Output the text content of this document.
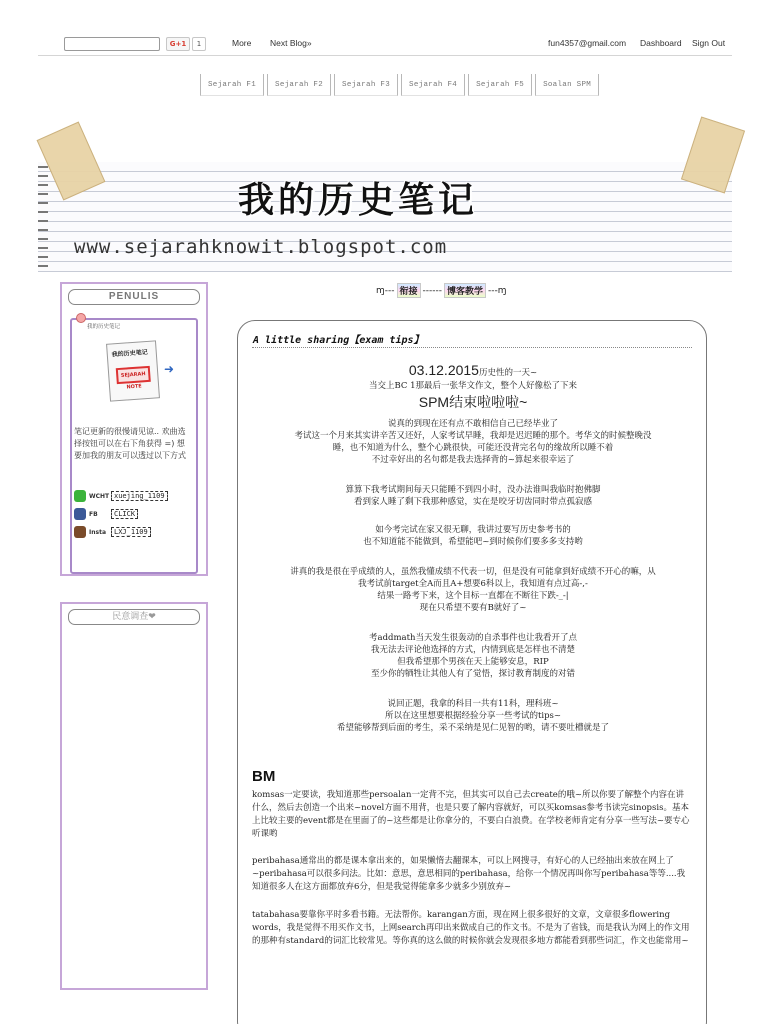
G+1	1	More Next Blog»	fun4357@gmail.com Dashboard Sign Out
Sejarah F1	Sejarah F2	Sejarah F3	Sejarah F4	Sejarah F5	Soalan SPM
我的历史笔记
www.sejarahknowit.blogspot.com
PENULIS
我的历史笔记
我的历史笔记
SEJARAH NOTE
➜
笔记更新的很慢请见谅.. 欢曲选择按钮可以在右下角获得 =) 想要加我的朋友可以透过以下方式
WCHT xuejing_1109
FB	CLICK
Insta	LXJ_1109
民意调查❤
ɱ--- 衔接 ------ 博客教学 ---ɱ
A little sharing【exam tips】
03.12.2015历史性的一天~
当交上BC 1那最后一张华文作文，整个人好像松了下来
SPM结束啦啦啦~
说真的到现在还有点不敢相信自己已经毕业了
考试这一个月来其实讲辛苦又还好，人家考试早睡，我却是迟迟睡的那个。考华文的时候整晚没
睡，也不知道为什么，整个心跳很快，可能还没背完名句的缘故所以睡不着
不过幸好出的名句都是我去选择背的~算起来很幸运了
算算下我考试期间每天只能睡不到四小时，没办法谁叫我临时抱佛脚
看到家人睡了剩下我那种感觉，实在是咬牙切齿同时带点孤寂感
如今考完试在家又很无聊，我讲过要写历史参考书的
也不知道能不能做到，希望能吧~到时候你们要多多支持哟
讲真的我是很在乎成绩的人，虽然我懂成绩不代表一切，但是没有可能拿到好成绩不开心的嘛，从
我考试前target全A而且A+想要6科以上，我知道有点过高-,-
结果一路考下来，这个目标一直都在不断往下跌-_-|
现在只希望不要有B就好了~
考addmath当天发生很轰动的自杀事件也让我看开了点
我无法去评论他选择的方式，内情到底是怎样也不清楚
但我希望那个男孩在天上能够安息，RIP
至少你的牺牲让其他人有了觉悟，探讨教育制度的对错
说回正题，我拿的科目一共有11科，理科班~
所以在这里想要根据经验分享一些考试的tips~
希望能够帮到后面的考生，采不采纳是见仁见智的哟，请不要吐槽就是了
BM
komsas一定要读，我知道那些persoalan一定背不完，但其实可以自己去create的哦~所以你要了解整个内容在讲什么，然后去创造一个出来~novel方面不用背，也是只要了解内容就好，可以买komsas参考书读完sinopsis。基本上比较主要的event都是在里面了的~这些都是让你拿分的，不要白白浪费。在学校老师肯定有分享一些写法~要专心听课哟
peribahasa通常出的都是课本拿出来的，如果懒惰去翻课本，可以上网搜寻，有好心的人已经抽出来放在网上了~peribahasa可以很多问法。比如：意思，意思相同的peribahasa，给你一个情况再叫你写peribahasa等等....我知道很多人在这方面都放弃6分，但是我觉得能拿多少就多少别放弃~
tatabahasa要靠你平时多看书籍。无法帮你。karangan方面，现在网上很多很好的文章，文章很多flowering words，我是觉得不用买作文书，上网search再印出来做成自己的作文书。不是为了省钱，而是我认为网上的作文用的那种有standard的词汇比较常见。等你真的这么做的时候你就会发现很多地方都能看到那些词汇，作文也能常用~
